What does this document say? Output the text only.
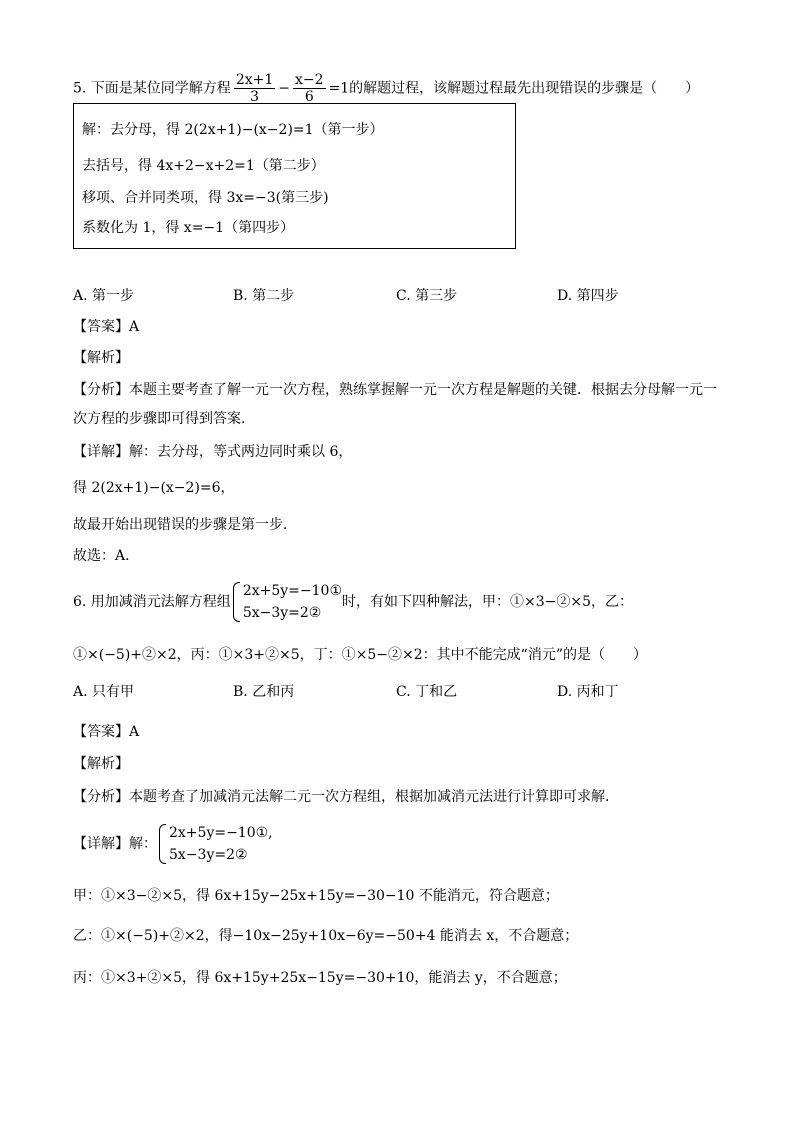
5. 下面是某位同学解方程 $\frac{2x+1}{3} - \frac{x-2}{6} =1$的解题过程，该解题过程最先出现错误的步骤是（　　）
解：去分母，得 2(2x+1)−(x−2)=1（第一步）
去括号，得 4x+2−x+2=1（第二步）
移项、合并同类项，得 3x=−3(第三步)
系数化为 1，得 x=−1（第四步）
A. 第一步	B. 第二步	C. 第三步	D. 第四步
【答案】A
【解析】
【分析】本题主要考查了解一元一次方程，熟练掌握解一元一次方程是解题的关键．根据去分母解一元一
次方程的步骤即可得到答案．
【详解】解：去分母，等式两边同时乘以 6，
得 2(2x+1)−(x−2)=6，
故最开始出现错误的步骤是第一步．
故选：A．
6. 用加减消元法解方程组
2x+5y=−10①
5x−3y=2②
时，有如下四种解法，甲：①×3−②×5，乙：
①×(−5)+②×2，丙：①×3+②×5，丁：①×5−②×2：其中不能完成“消元”的是（　　）
A. 只有甲	B. 乙和丙	C. 丁和乙	D. 丙和丁
【答案】A
【解析】
【分析】本题考查了加减消元法解二元一次方程组，根据加减消元法进行计算即可求解．
【详解】解：
2x+5y=−10①,
5x−3y=2②
甲：①×3−②×5，得 6x+15y−25x+15y=−30−10 不能消元，符合题意；
乙：①×(−5)+②×2，得−10x−25y+10x−6y=−50+4 能消去 x，不合题意；
丙：①×3+②×5，得 6x+15y+25x−15y=−30+10，能消去 y，不合题意；
